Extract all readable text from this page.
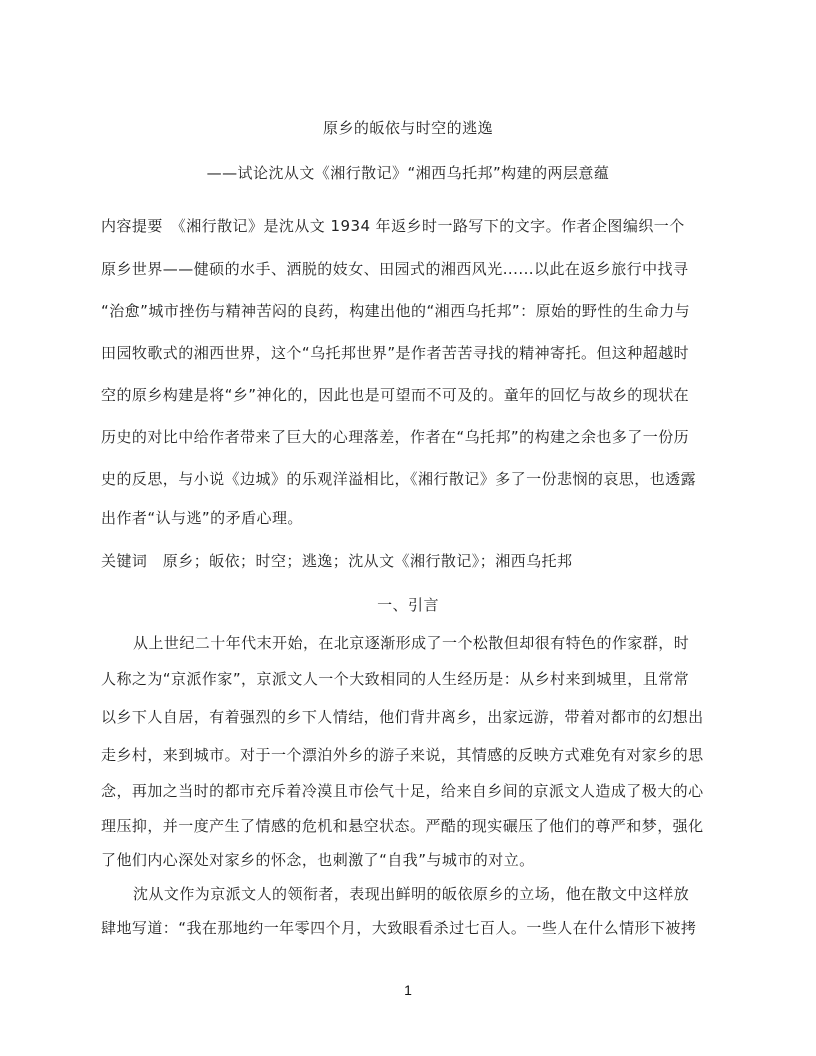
原乡的皈依与时空的逃逸
——试论沈从文《湘行散记》“湘西乌托邦”构建的两层意蕴
内容提要　《湘行散记》是沈从文 1934 年返乡时一路写下的文字。作者企图编织一个
原乡世界——健硕的水手、洒脱的妓女、田园式的湘西风光......以此在返乡旅行中找寻
“治愈”城市挫伤与精神苦闷的良药，构建出他的“湘西乌托邦”：原始的野性的生命力与
田园牧歌式的湘西世界，这个“乌托邦世界”是作者苦苦寻找的精神寄托。但这种超越时
空的原乡构建是将“乡”神化的，因此也是可望而不可及的。童年的回忆与故乡的现状在
历史的对比中给作者带来了巨大的心理落差，作者在“乌托邦”的构建之余也多了一份历
史的反思，与小说《边城》的乐观洋溢相比，《湘行散记》多了一份悲悯的哀思，也透露
出作者“认与逃”的矛盾心理。
关键词　原乡；皈依；时空；逃逸；沈从文《湘行散记》；湘西乌托邦
一、引言
从上世纪二十年代末开始，在北京逐渐形成了一个松散但却很有特色的作家群，时
人称之为“京派作家”，京派文人一个大致相同的人生经历是：从乡村来到城里，且常常
以乡下人自居，有着强烈的乡下人情结，他们背井离乡，出家远游，带着对都市的幻想出
走乡村，来到城市。对于一个漂泊外乡的游子来说，其情感的反映方式难免有对家乡的思
念，再加之当时的都市充斥着冷漠且市侩气十足，给来自乡间的京派文人造成了极大的心
理压抑，并一度产生了情感的危机和悬空状态。严酷的现实碾压了他们的尊严和梦，强化
了他们内心深处对家乡的怀念，也刺激了“自我”与城市的对立。
沈从文作为京派文人的领衔者，表现出鲜明的皈依原乡的立场，他在散文中这样放
肆地写道：“我在那地约一年零四个月，大致眼看杀过七百人。一些人在什么情形下被拷
1
